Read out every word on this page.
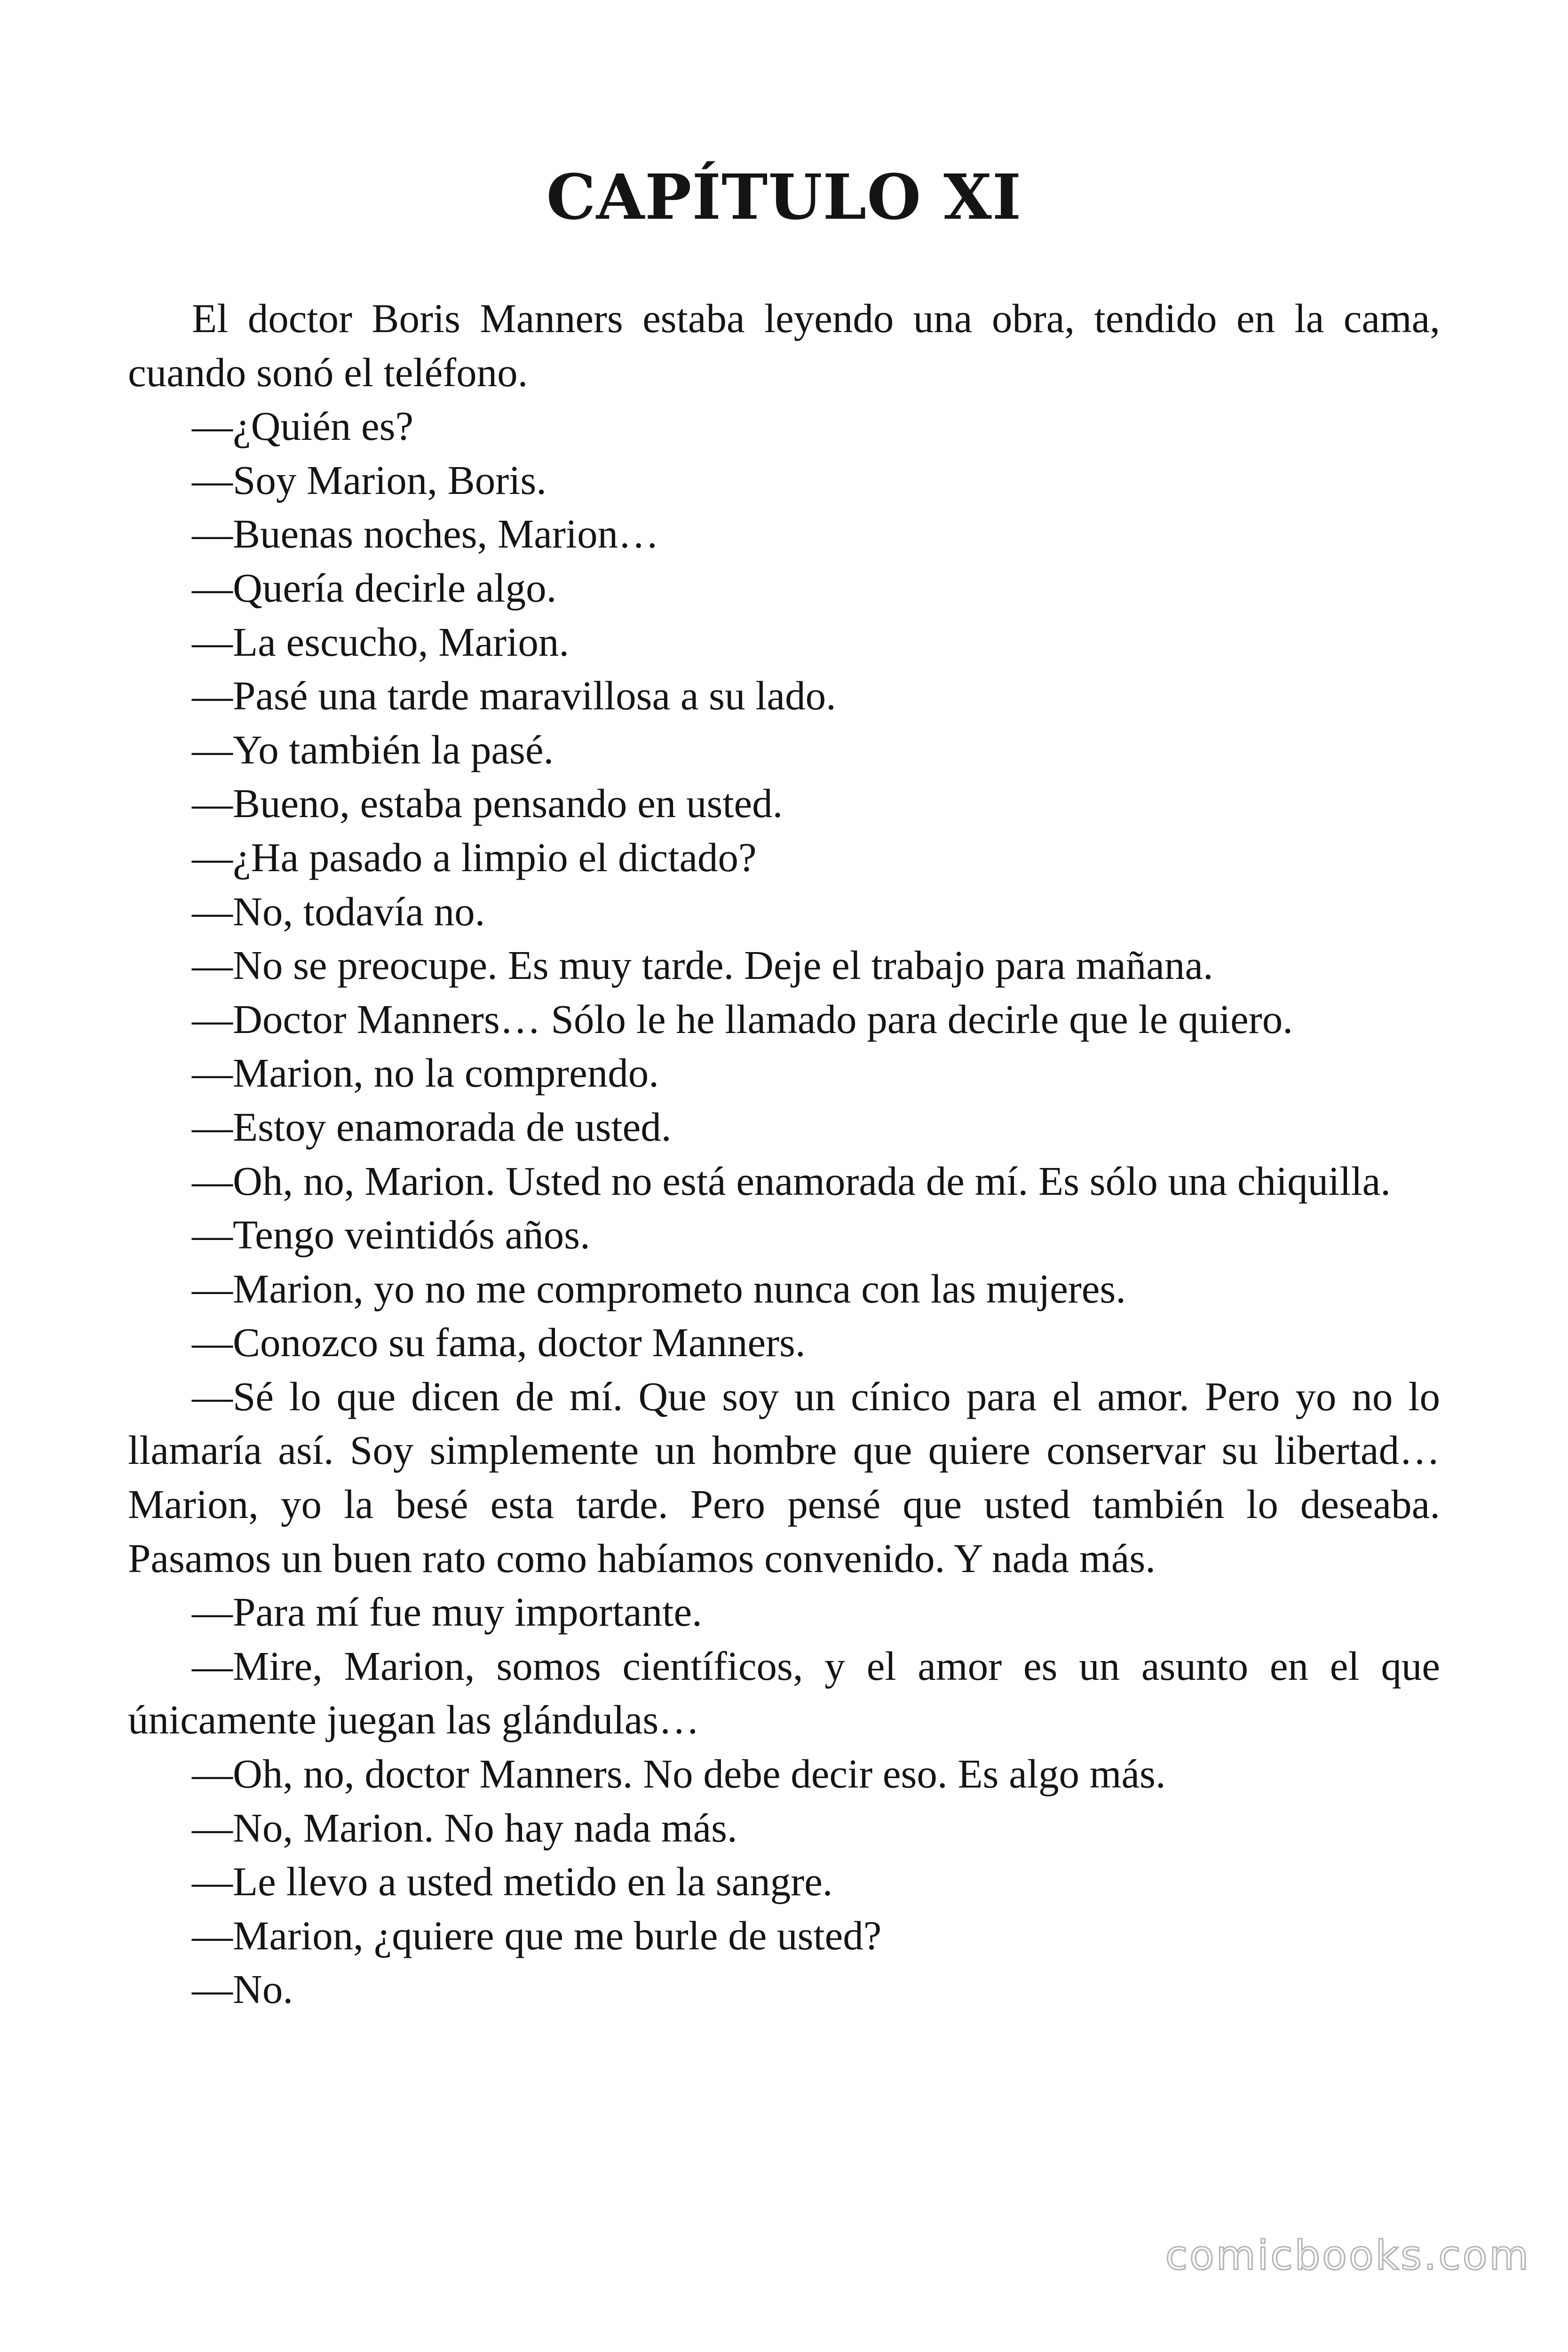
CAPÍTULO XI

El doctor Boris Manners estaba leyendo una obra, tendido en la cama, cuando sonó el teléfono.

—¿Quién es?

—Soy Marion, Boris.

—Buenas noches, Marion…

—Quería decirle algo.

—La escucho, Marion.

—Pasé una tarde maravillosa a su lado.

—Yo también la pasé.

—Bueno, estaba pensando en usted.

—¿Ha pasado a limpio el dictado?

—No, todavía no.

—No se preocupe. Es muy tarde. Deje el trabajo para mañana.

—Doctor Manners… Sólo le he llamado para decirle que le quiero.

—Marion, no la comprendo.

—Estoy enamorada de usted.

—Oh, no, Marion. Usted no está enamorada de mí. Es sólo una chiquilla.

—Tengo veintidós años.

—Marion, yo no me comprometo nunca con las mujeres.

—Conozco su fama, doctor Manners.

—Sé lo que dicen de mí. Que soy un cínico para el amor. Pero yo no lo llamaría así. Soy simplemente un hombre que quiere conservar su libertad… Marion, yo la besé esta tarde. Pero pensé que usted también lo deseaba. Pasamos un buen rato como habíamos convenido. Y nada más.

—Para mí fue muy importante.

—Mire, Marion, somos científicos, y el amor es un asunto en el que únicamente juegan las glándulas…

—Oh, no, doctor Manners. No debe decir eso. Es algo más.

—No, Marion. No hay nada más.

—Le llevo a usted metido en la sangre.

—Marion, ¿quiere que me burle de usted?

—No.

comicbooks.com
